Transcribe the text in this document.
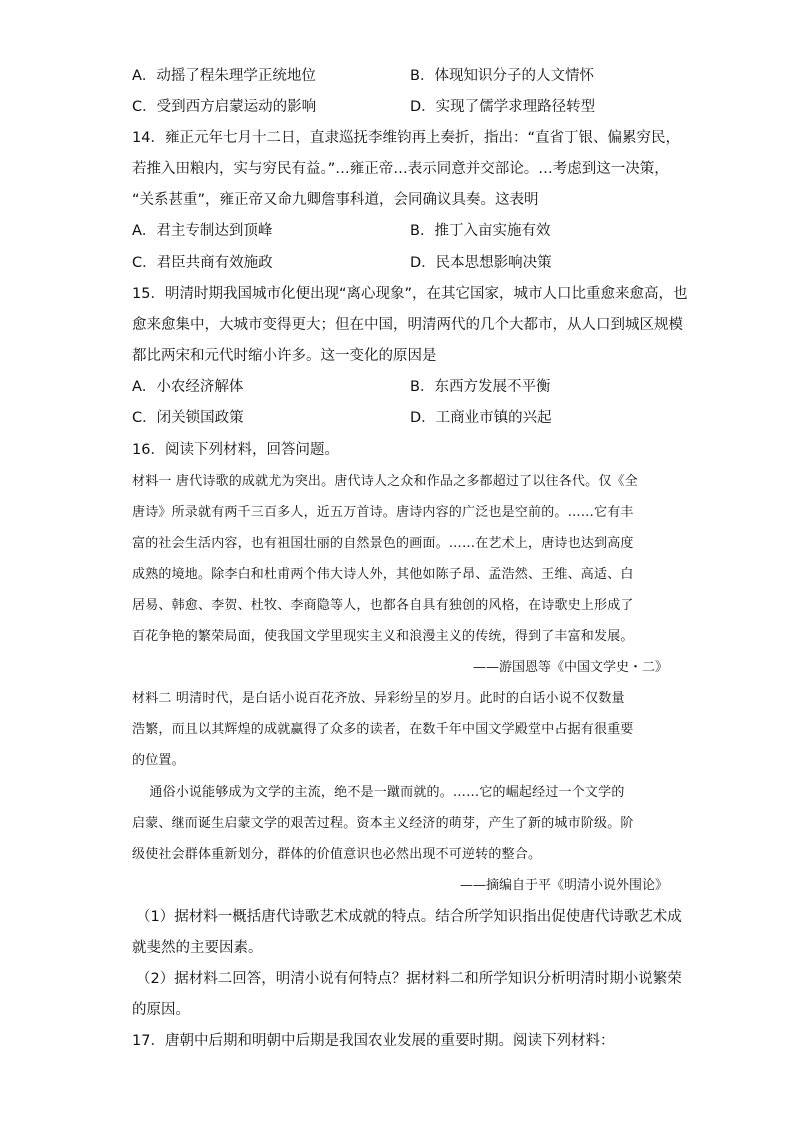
A．动摇了程朱理学正统地位	B．体现知识分子的人文情怀
C．受到西方启蒙运动的影响	D．实现了儒学求理路径转型
14．雍正元年七月十二日，直隶巡抚李维钧再上奏折，指出：“直省丁银、偏累穷民，
若推入田粮内，实与穷民有益。”…雍正帝…表示同意并交部论。…考虑到这一决策，
“关系甚重”，雍正帝又命九卿詹事科道，会同确议具奏。这表明
A．君主专制达到顶峰	B．推丁入亩实施有效
C．君臣共商有效施政	D．民本思想影响决策
15．明清时期我国城市化便出现“离心现象”，在其它国家，城市人口比重愈来愈高，也
愈来愈集中，大城市变得更大；但在中国，明清两代的几个大都市，从人口到城区规模
都比两宋和元代时缩小许多。这一变化的原因是
A．小农经济解体	B．东西方发展不平衡
C．闭关锁国政策	D．工商业市镇的兴起
16．阅读下列材料，回答问题。
材料一 唐代诗歌的成就尤为突出。唐代诗人之众和作品之多都超过了以往各代。仅《全
唐诗》所录就有两千三百多人，近五万首诗。唐诗内容的广泛也是空前的。……它有丰
富的社会生活内容，也有祖国壮丽的自然景色的画面。……在艺术上，唐诗也达到高度
成熟的境地。除李白和杜甫两个伟大诗人外，其他如陈子昂、孟浩然、王维、高适、白
居易、韩愈、李贺、杜牧、李商隐等人，也都各自具有独创的风格，在诗歌史上形成了
百花争艳的繁荣局面，使我国文学里现实主义和浪漫主义的传统，得到了丰富和发展。
——游国恩等《中国文学史・二》
材料二 明清时代，是白话小说百花齐放、异彩纷呈的岁月。此时的白话小说不仅数量
浩繁，而且以其辉煌的成就赢得了众多的读者，在数千年中国文学殿堂中占据有很重要
的位置。
通俗小说能够成为文学的主流，绝不是一蹴而就的。……它的崛起经过一个文学的
启蒙、继而诞生启蒙文学的艰苦过程。资本主义经济的萌芽，产生了新的城市阶级。阶
级使社会群体重新划分，群体的价值意识也必然出现不可逆转的整合。
——摘编自于平《明清小说外围论》
（1）据材料一概括唐代诗歌艺术成就的特点。结合所学知识指出促使唐代诗歌艺术成
就斐然的主要因素。
（2）据材料二回答，明清小说有何特点？据材料二和所学知识分析明清时期小说繁荣
的原因。
17．唐朝中后期和明朝中后期是我国农业发展的重要时期。阅读下列材料：
